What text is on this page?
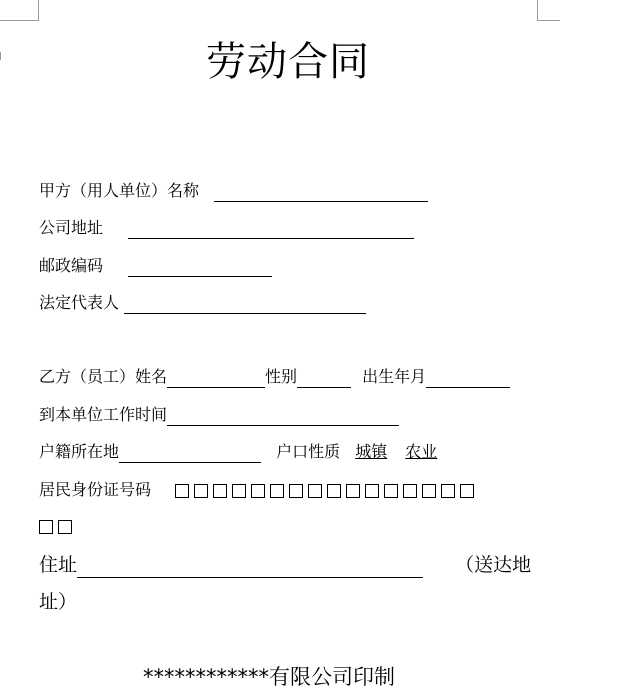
劳动合同
甲方（用人单位）名称
公司地址
邮政编码
法定代表人
乙方（员工）姓名	性别	出生年月
到本单位工作时间
户籍所在地	户口性质 城镇 农业
居民身份证号码
住址	（送达地
址）
************有限公司印制
